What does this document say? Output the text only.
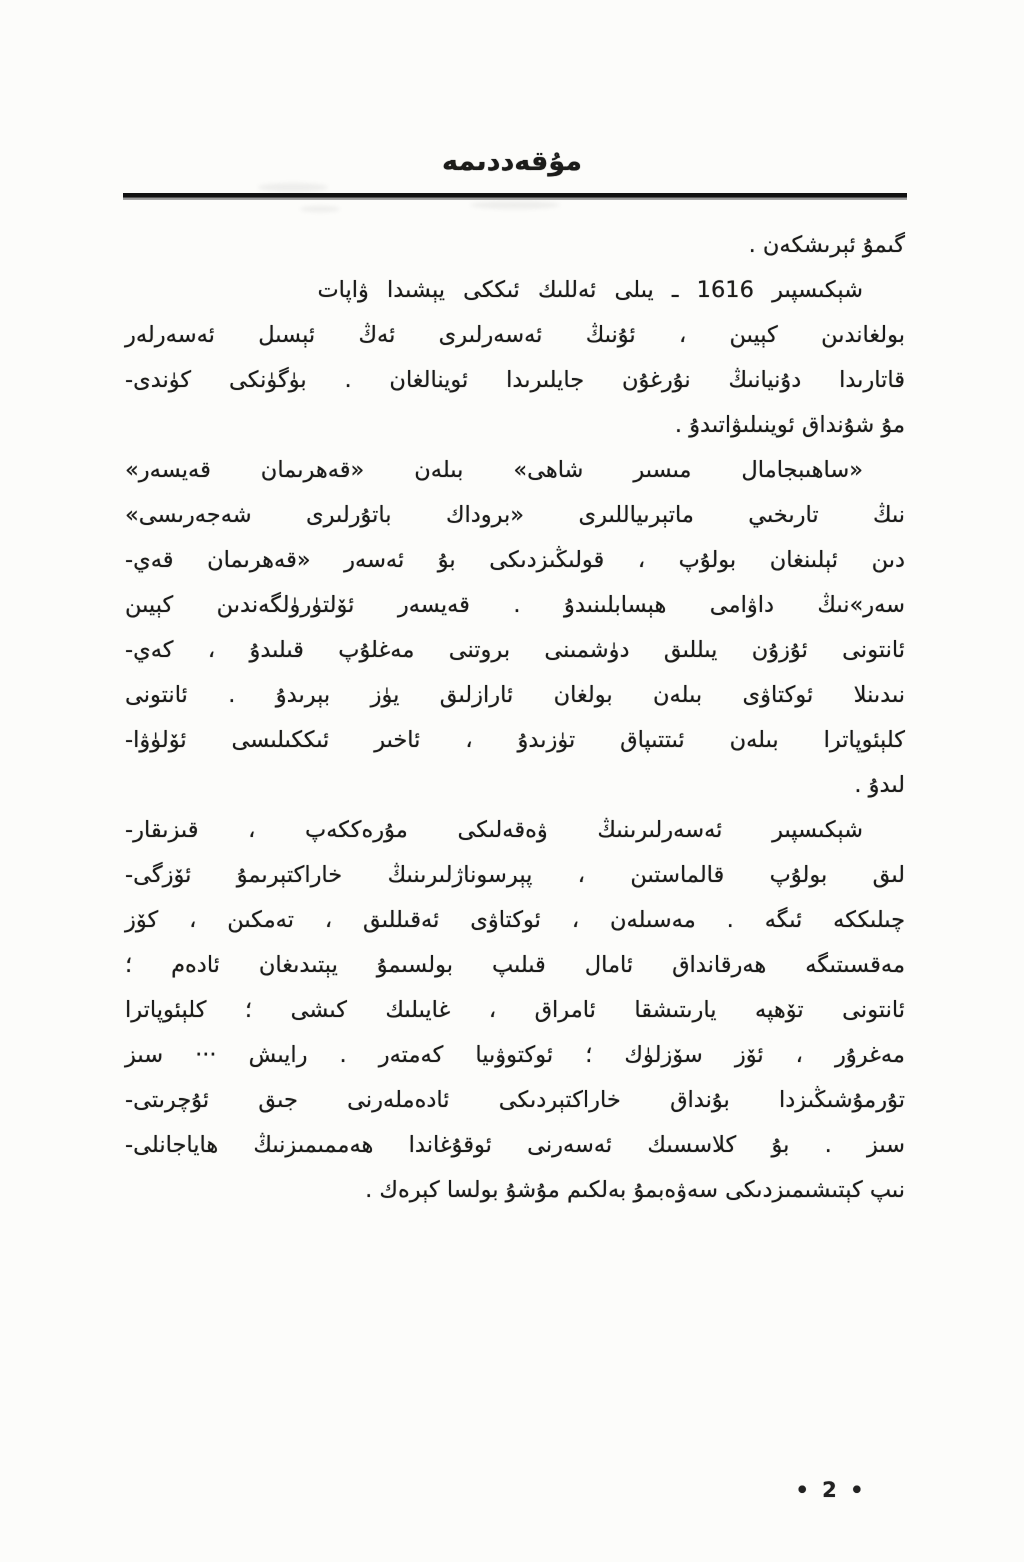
مۇقەددىمە
گىمۇ ئېرىشكەن .
شېكىسپىر 1616 ـ يىلى ئەللىك ئىككى يېشىدا ۋاپات
بولغاندىن كېيىن ، ئۇنىڭ ئەسەرلىرى ئەڭ ئېسىل ئەسەرلەر
قاتارىدا دۇنيانىڭ نۇرغۇن جايلىرىدا ئوينالغان . بۈگۈنكى كۈندى-
مۇ شۇنداق ئوينىلىۋاتىدۇ .
«ساھىبجامال مىسىر شاھى» بىلەن «قەھرىمان قەيسەر»
نىڭ تارىخىي ماتېرىياللىرى «بروداك باتۇرلىرى شەجەرىسى»
دىن ئېلىنغان بولۇپ ، قولىڭىزدىكى بۇ ئەسەر «قەھرىمان قەي-
سەر»نىڭ داۋامى ھېسابلىنىدۇ . قەيسەر ئۆلتۈرۈلگەندىن كېيىن
ئانتونى ئۇزۇن يىللىق دۈشمىنى بروتنى مەغلۇپ قىلىدۇ ، كەي-
نىدىنلا ئوكتاۋى بىلەن بولغان ئارازلىق يۈز بېرىدۇ . ئانتونى
كلېئوپاترا بىلەن ئىتتىپاق تۈزىدۇ ، ئاخىر ئىككىلىسى ئۆلۈۋا-
لىدۇ .
شېكىسپىر ئەسەرلىرىنىڭ ۋەقەلىكى مۇرەككەپ ، قىزىقار-
لىق بولۇپ قالماستىن ، پېرسوناژلىرىنىڭ خاراكتېرىمۇ ئۆزگى-
چىلىككە ئىگە . مەسىلەن ، ئوكتاۋى ئەقىللىق ، تەمكىن ، كۆز
مەقسىتىگە ھەرقانداق ئامال قىلىپ بولسىمۇ يېتىدىغان ئادەم ؛
ئانتونى تۆھپە يارىتىشقا ئامراق ، غايىلىك كىشى ؛ كلېئوپاترا
مەغرۇر ، ئۆز سۆزلۈك ؛ ئوكتوۋىيا كەمتەر . رايىش ··· سىز
تۇرمۇشىڭىزدا بۇنداق خاراكتېردىكى ئادەملەرنى جىق ئۇچرىتى-
سىز . بۇ كلاسسىك ئەسەرنى ئوقۇغاندا ھەممىمىزنىڭ ھاياجانلى-
نىپ كېتىشىمىزدىكى سەۋەبمۇ بەلكىم مۇشۇ بولسا كېرەك .
• 2 •
